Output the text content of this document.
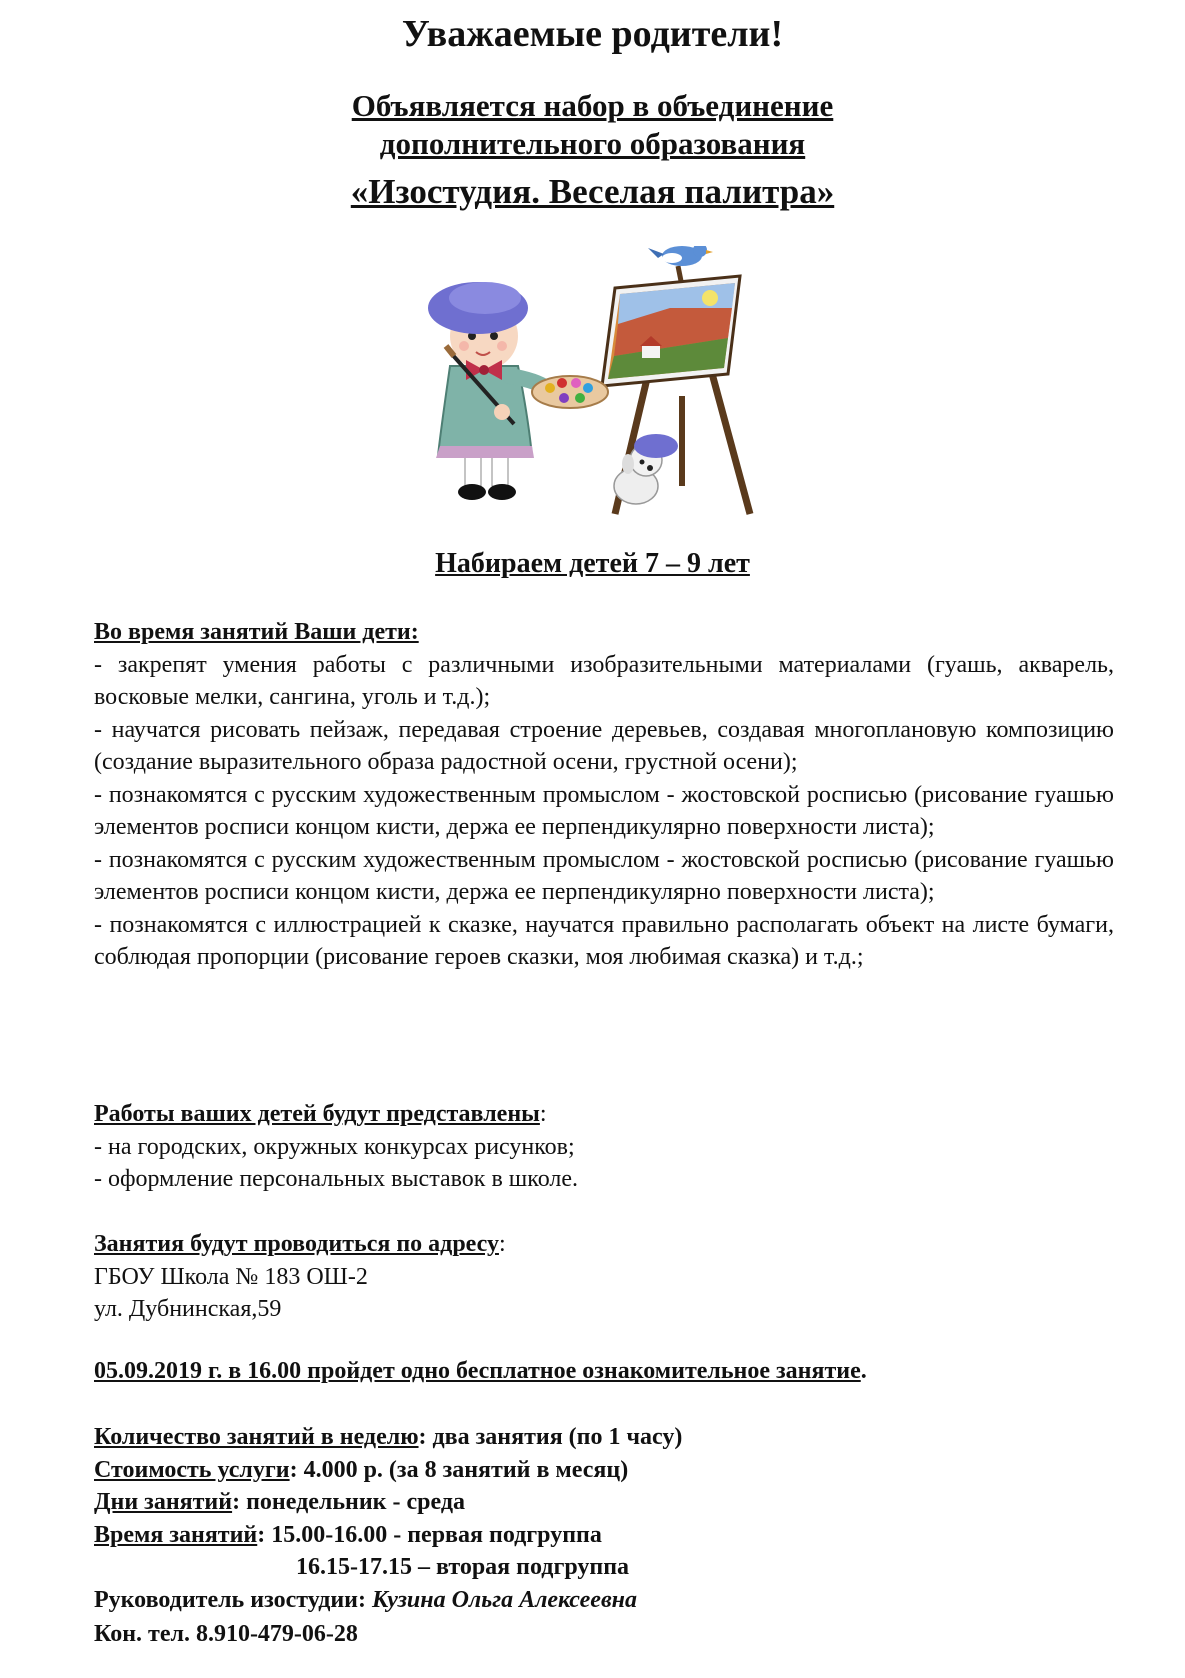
Уважаемые родители!
Объявляется набор в объединение
дополнительного образования
«Изостудия. Веселая палитра»
Набираем детей 7 – 9 лет

Во время занятий Ваши дети:

- закрепят умения работы с различными изобразительными материалами (гуашь, акварель, восковые мелки, сангина, уголь и т.д.);

- научатся рисовать пейзаж, передавая строение деревьев, создавая многоплановую композицию (создание выразительного образа радостной осени, грустной осени);

- познакомятся с русским художественным промыслом - жостовской росписью (рисование гуашью элементов росписи концом кисти, держа ее перпендикулярно поверхности листа);

- познакомятся с русским художественным промыслом - жостовской росписью (рисование гуашью элементов росписи концом кисти, держа ее перпендикулярно поверхности листа);

- познакомятся с иллюстрацией к сказке, научатся правильно располагать объект на листе бумаги, соблюдая пропорции (рисование героев сказки, моя любимая сказка) и т.д.;

Работы ваших детей будут представлены:

- на городских, окружных конкурсах рисунков;

- оформление персональных выставок в школе.

Занятия будут проводиться по адресу:

ГБОУ Школа № 183 ОШ-2

ул. Дубнинская,59

05.09.2019 г. в 16.00 пройдет одно бесплатное ознакомительное занятие.

Количество занятий в неделю: два занятия (по 1 часу)

Стоимость услуги: 4.000 р. (за 8 занятий в месяц)

Дни занятий: понедельник - среда

Время занятий: 15.00-16.00 - первая подгруппа

16.15-17.15 – вторая подгруппа

Руководитель изостудии: Кузина Ольга Алексеевна

Кон. тел. 8.910-479-06-28
